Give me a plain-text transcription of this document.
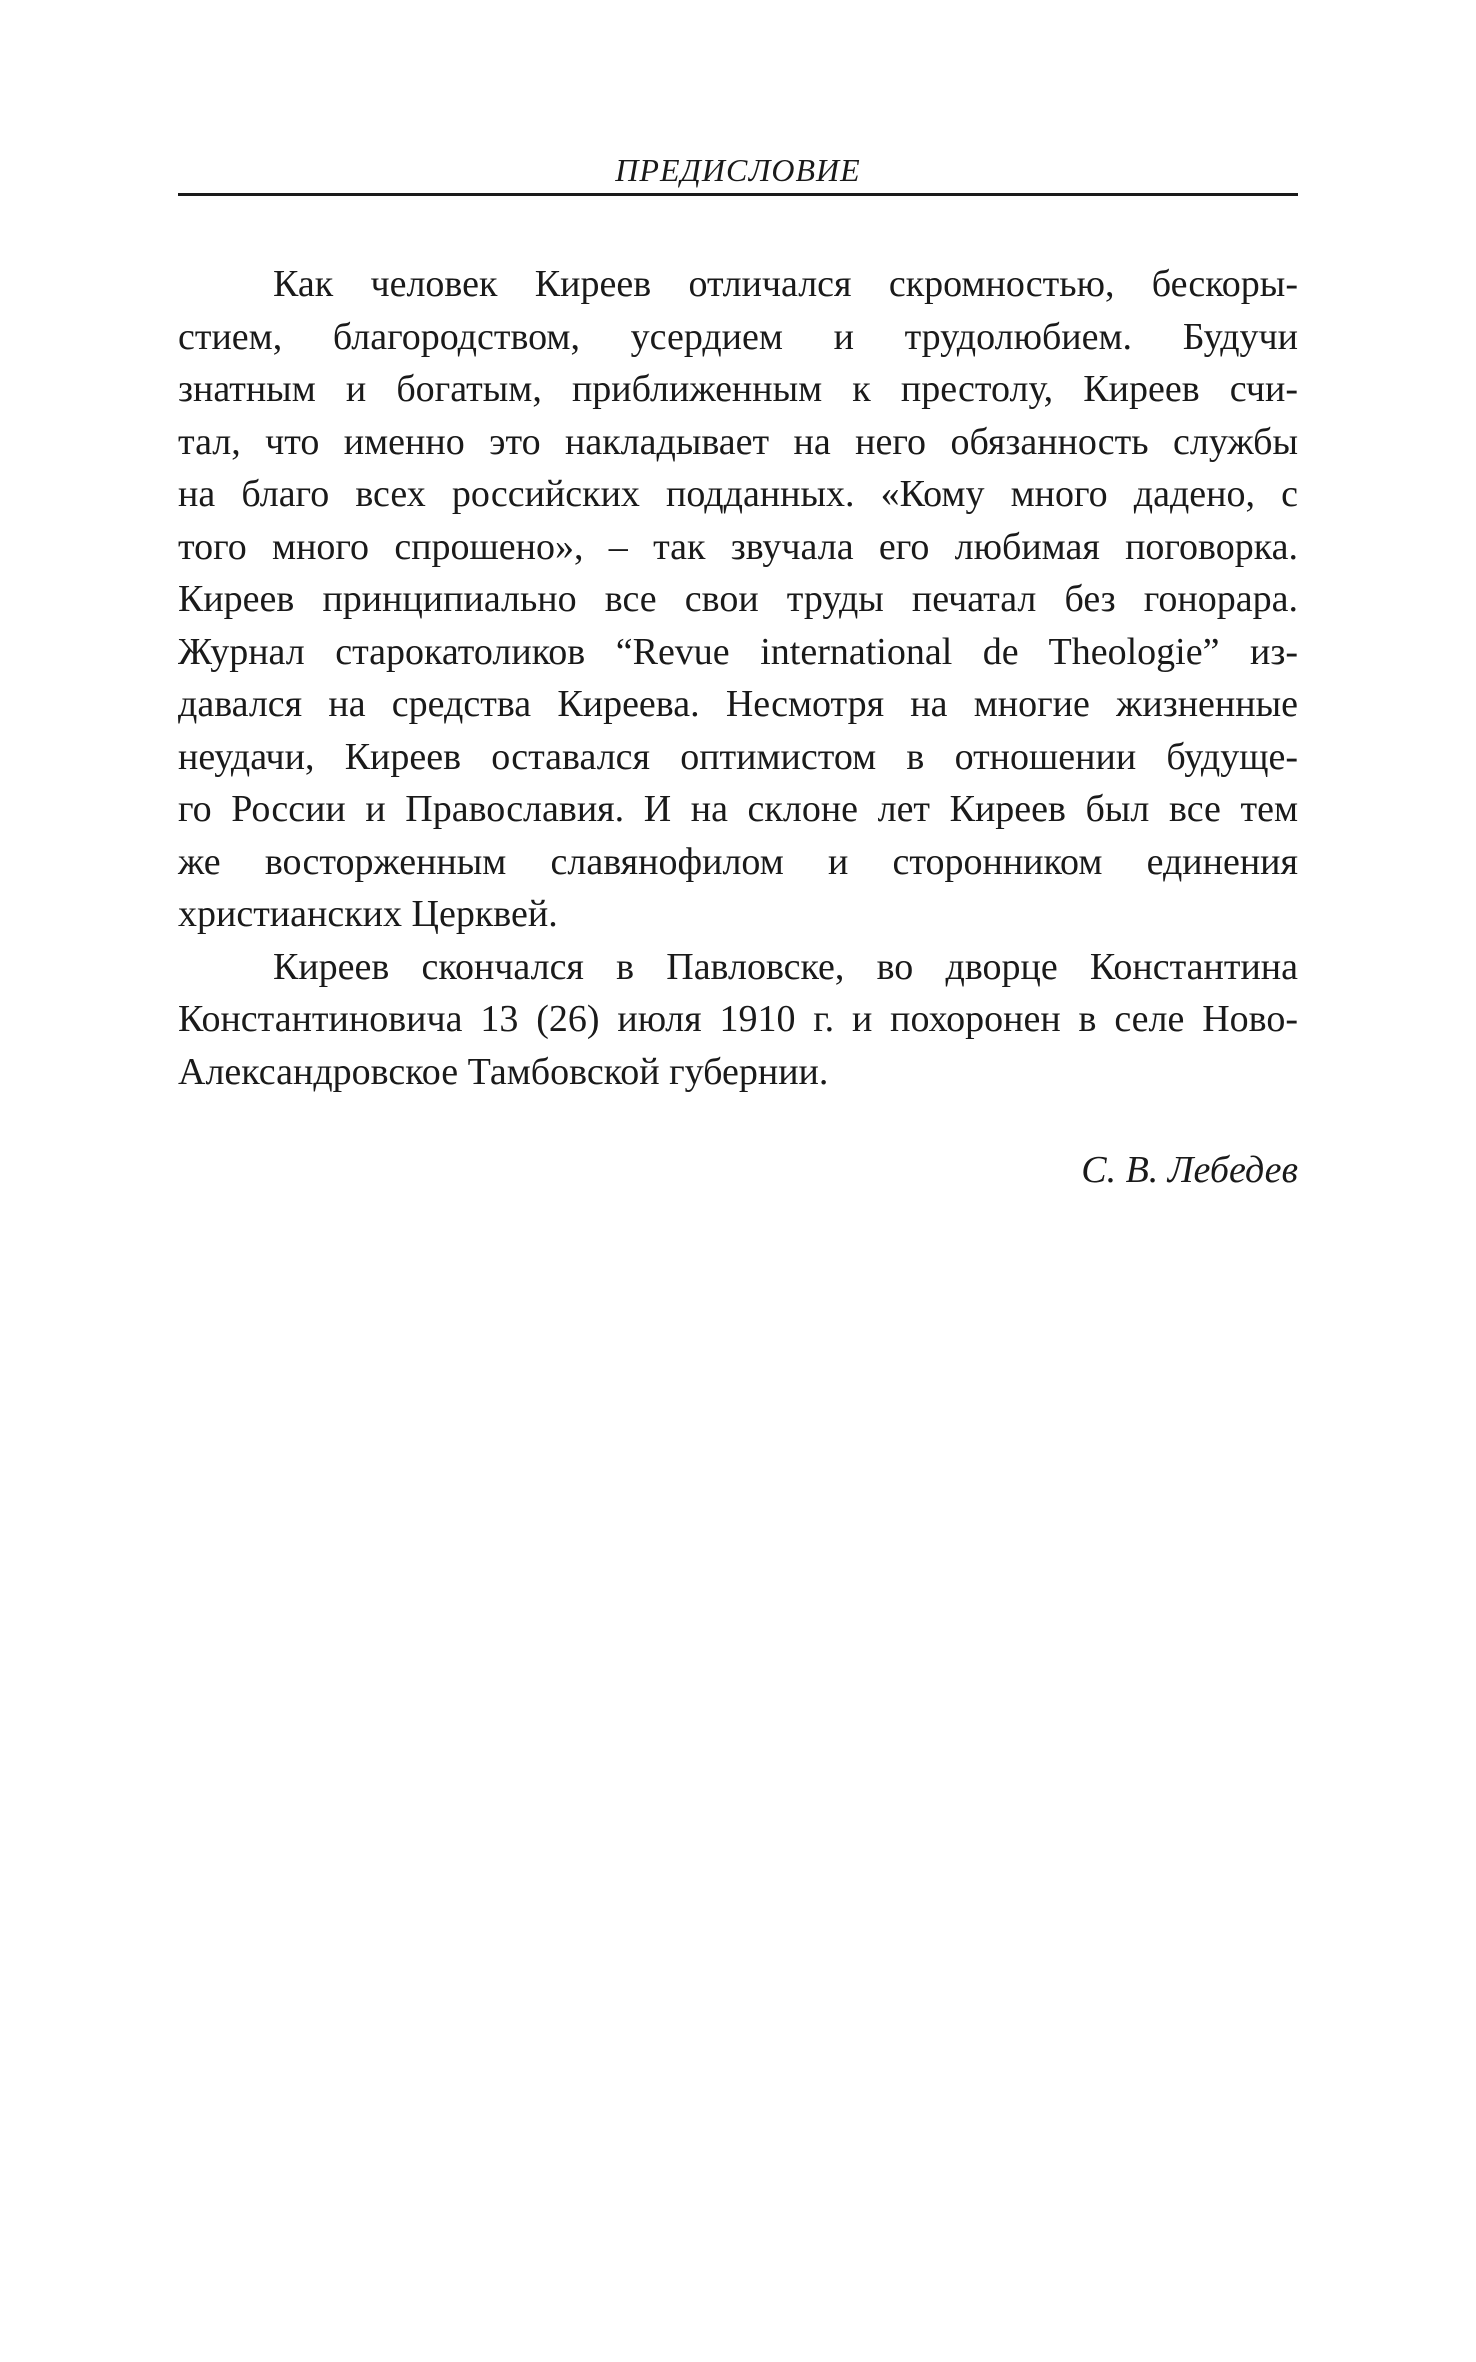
ПРЕДИСЛОВИЕ
Как человек Киреев отличался скромностью, бескоры-
стием, благородством, усердием и трудолюбием. Будучи
знатным и богатым, приближенным к престолу, Киреев счи-
тал, что именно это накладывает на него обязанность службы
на благо всех российских подданных. «Кому много дадено, с
того много спрошено», – так звучала его любимая поговорка.
Киреев принципиально все свои труды печатал без гонорара.
Журнал старокатоликов “Revue international de Theologie” из-
давался на средства Киреева. Несмотря на многие жизненные
неудачи, Киреев оставался оптимистом в отношении будуще-
го России и Православия. И на склоне лет Киреев был все тем
же восторженным славянофилом и сторонником единения
христианских Церквей.
Киреев скончался в Павловске, во дворце Константина
Константиновича 13 (26) июля 1910 г. и похоронен в селе Ново-
Александровское Тамбовской губернии.
С. В. Лебедев
